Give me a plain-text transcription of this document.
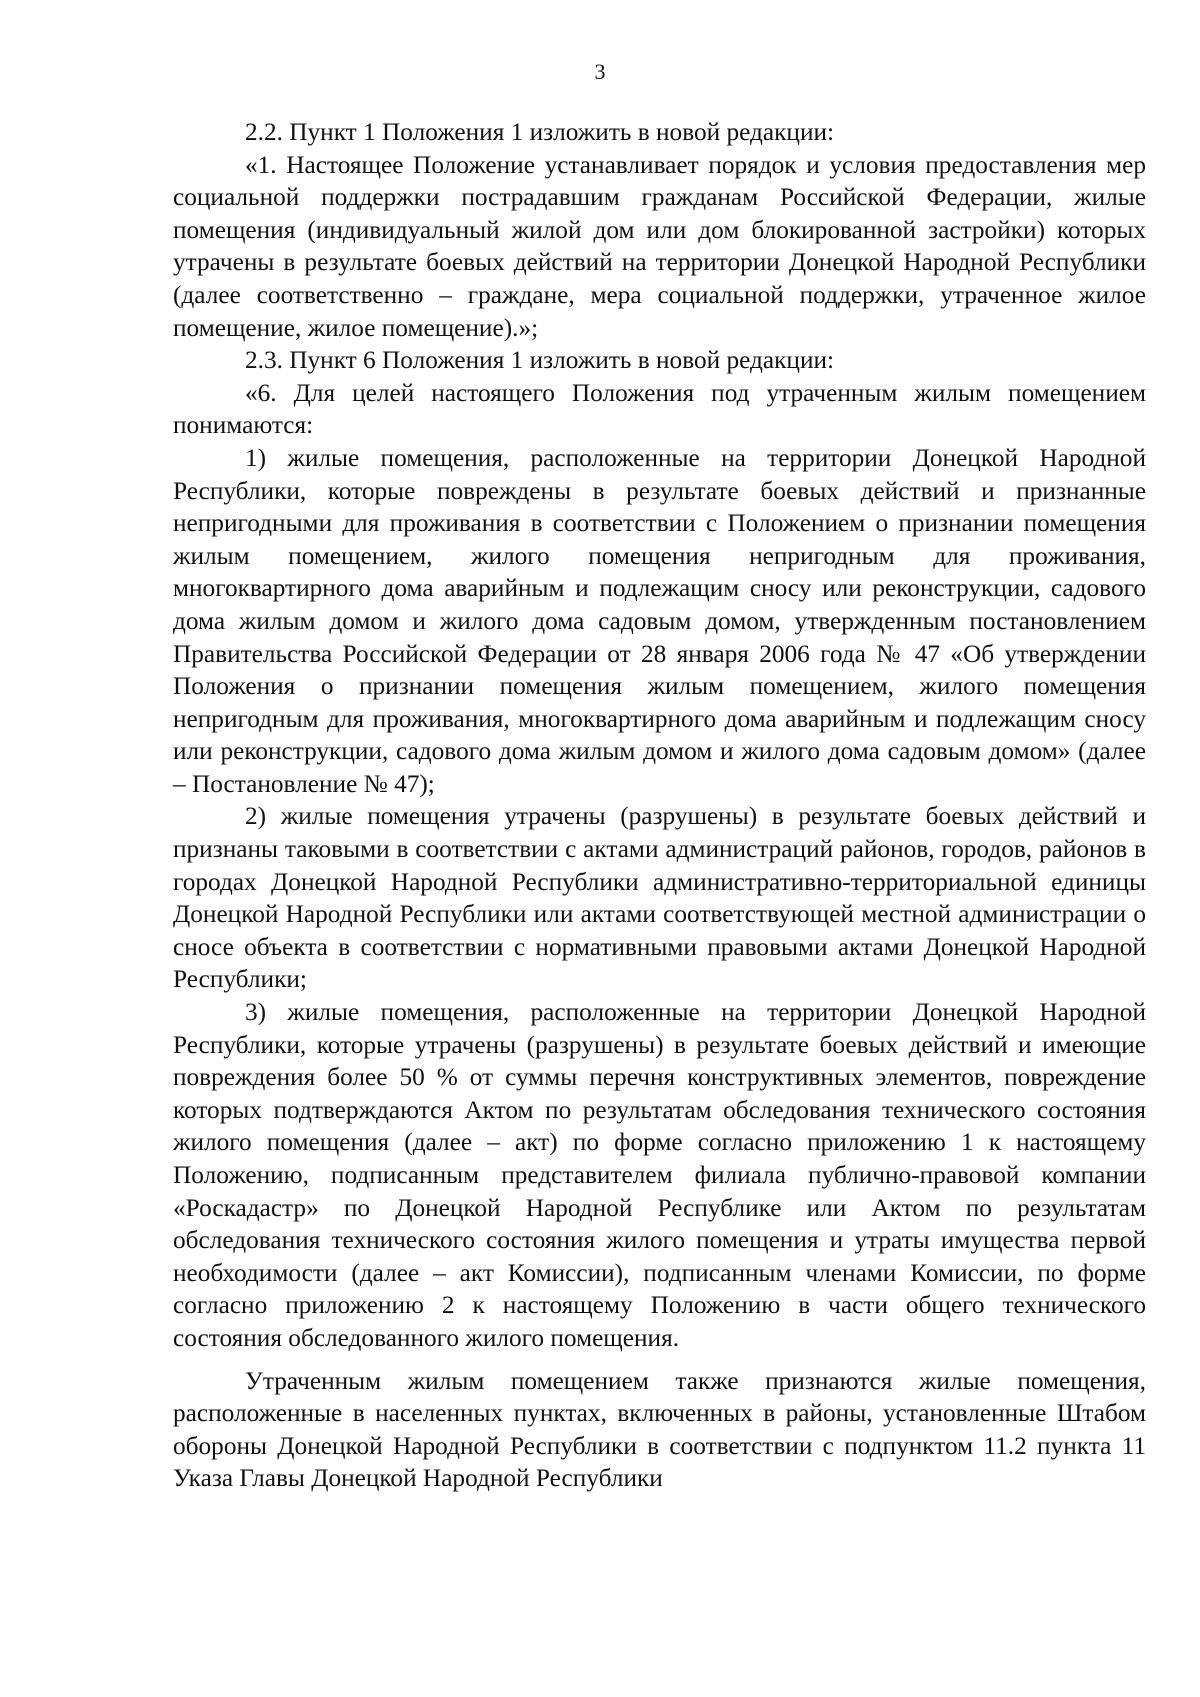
3

2.2. Пункт 1 Положения 1 изложить в новой редакции:

«1. Настоящее Положение устанавливает порядок и условия предоставления мер социальной поддержки пострадавшим гражданам Российской Федерации, жилые помещения (индивидуальный жилой дом или дом блокированной застройки) которых утрачены в результате боевых действий на территории Донецкой Народной Республики (далее соответственно – граждане, мера социальной поддержки, утраченное жилое помещение, жилое помещение).»;

2.3. Пункт 6 Положения 1 изложить в новой редакции:

«6. Для целей настоящего Положения под утраченным жилым помещением понимаются:

1) жилые помещения, расположенные на территории Донецкой Народной Республики, которые повреждены в результате боевых действий и признанные непригодными для проживания в соответствии с Положением о признании помещения жилым помещением, жилого помещения непригодным для проживания, многоквартирного дома аварийным и подлежащим сносу или реконструкции, садового дома жилым домом и жилого дома садовым домом, утвержденным постановлением Правительства Российской Федерации от 28 января 2006 года № 47 «Об утверждении Положения о признании помещения жилым помещением, жилого помещения непригодным для проживания, многоквартирного дома аварийным и подлежащим сносу или реконструкции, садового дома жилым домом и жилого дома садовым домом» (далее – Постановление № 47);

2) жилые помещения утрачены (разрушены) в результате боевых действий и признаны таковыми в соответствии с актами администраций районов, городов, районов в городах Донецкой Народной Республики административно-территориальной единицы Донецкой Народной Республики или актами соответствующей местной администрации о сносе объекта в соответствии с нормативными правовыми актами Донецкой Народной Республики;

3) жилые помещения, расположенные на территории Донецкой Народной Республики, которые утрачены (разрушены) в результате боевых действий и имеющие повреждения более 50 % от суммы перечня конструктивных элементов, повреждение которых подтверждаются Актом по результатам обследования технического состояния жилого помещения (далее – акт) по форме согласно приложению 1 к настоящему Положению, подписанным представителем филиала публично-правовой компании «Роскадастр» по Донецкой Народной Республике или Актом по результатам обследования технического состояния жилого помещения и утраты имущества первой необходимости (далее – акт Комиссии), подписанным членами Комиссии, по форме согласно приложению 2 к настоящему Положению в части общего технического состояния обследованного жилого помещения.

Утраченным жилым помещением также признаются жилые помещения, расположенные в населенных пунктах, включенных в районы, установленные Штабом обороны Донецкой Народной Республики в соответствии с подпунктом 11.2 пункта 11 Указа Главы Донецкой Народной Республики
